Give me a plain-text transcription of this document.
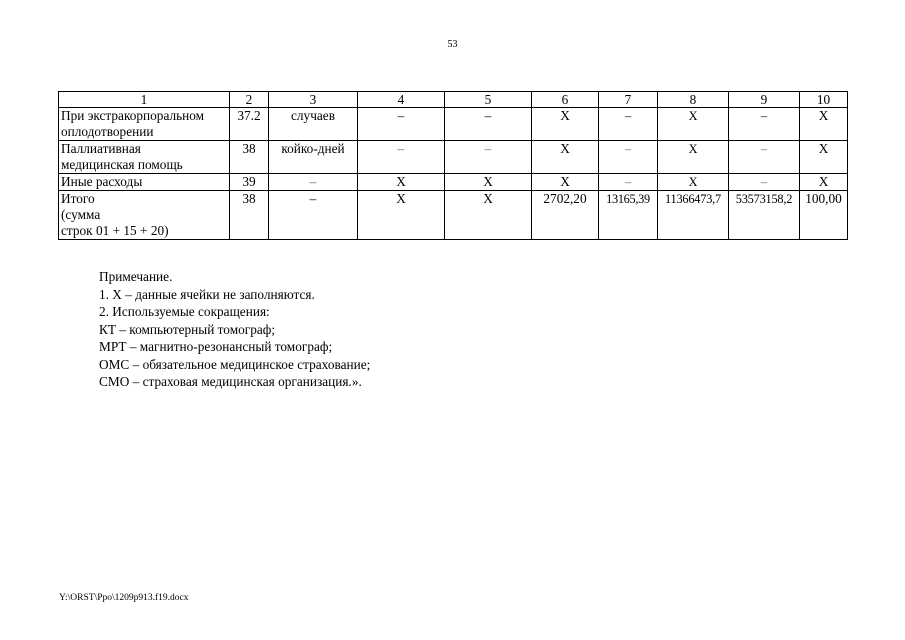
53
1	2	3	4	5	6	7	8	9	10

При экстракорпоральном
оплодотворении	37.2	случаев	–	–	Х	–	Х	–	Х

Паллиативная
медицинская помощь	38	койко-дней	–	–	Х	–	Х	–	Х

Иные расходы	39	–	Х	Х	Х	–	Х	–	Х

Итого
(сумма
строк 01 + 15 + 20)	38	–	Х	Х	2702,20	13165,39	11366473,7	53573158,2	100,00
Примечание.
1. Х – данные ячейки не заполняются.
2. Используемые сокращения:
КТ – компьютерный томограф;
МРТ – магнитно-резонансный томограф;
ОМС – обязательное медицинское страхование;
СМО – страховая медицинская организация.».
Y:\ORST\Ppo\1209p913.f19.docx
